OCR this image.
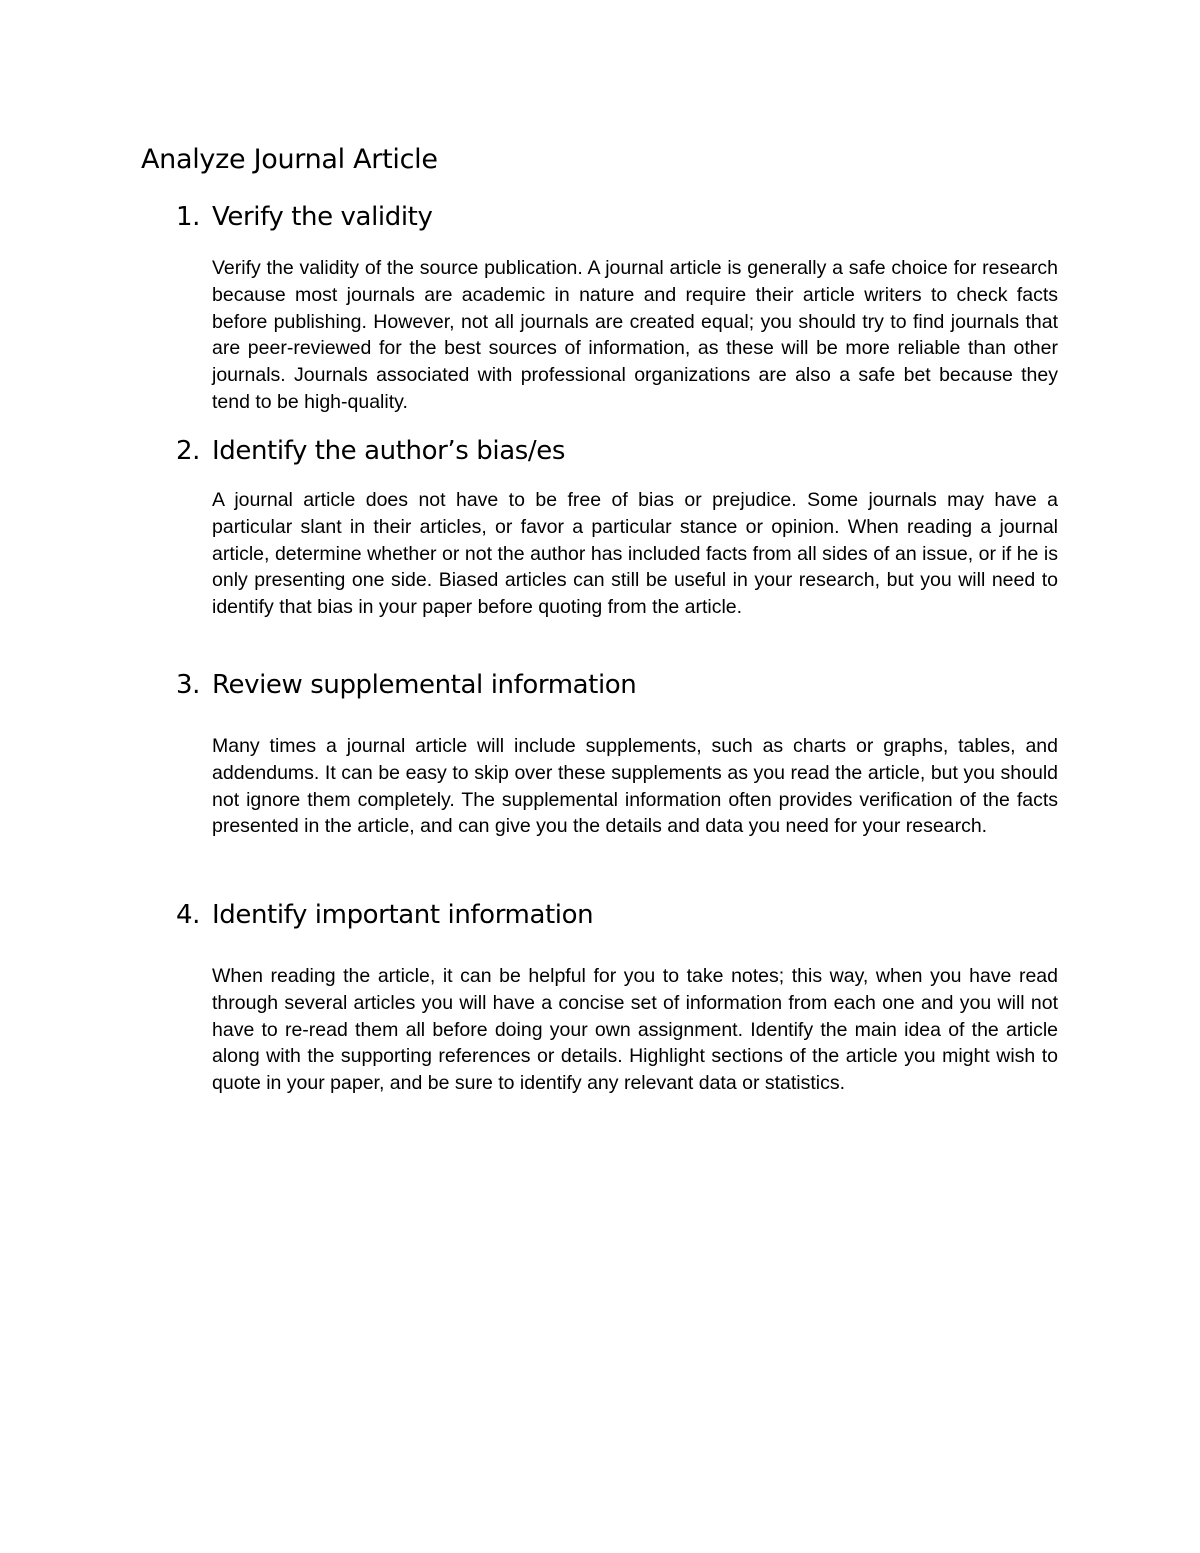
Analyze Journal Article
1. Verify the validity

Verify the validity of the source publication. A journal article is generally a safe choice for research because most journals are academic in nature and require their article writers to check facts before publishing. However, not all journals are created equal; you should try to find journals that are peer-reviewed for the best sources of information, as these will be more reliable than other journals. Journals associated with professional organizations are also a safe bet because they tend to be high-quality.

2. Identify the author’s bias/es

A journal article does not have to be free of bias or prejudice. Some journals may have a particular slant in their articles, or favor a particular stance or opinion. When reading a journal article, determine whether or not the author has included facts from all sides of an issue, or if he is only presenting one side. Biased articles can still be useful in your research, but you will need to identify that bias in your paper before quoting from the article.

3. Review supplemental information

Many times a journal article will include supplements, such as charts or graphs, tables, and addendums. It can be easy to skip over these supplements as you read the article, but you should not ignore them completely. The supplemental information often provides verification of the facts presented in the article, and can give you the details and data you need for your research.

4. Identify important information

When reading the article, it can be helpful for you to take notes; this way, when you have read through several articles you will have a concise set of information from each one and you will not have to re-read them all before doing your own assignment. Identify the main idea of the article along with the supporting references or details. Highlight sections of the article you might wish to quote in your paper, and be sure to identify any relevant data or statistics.
